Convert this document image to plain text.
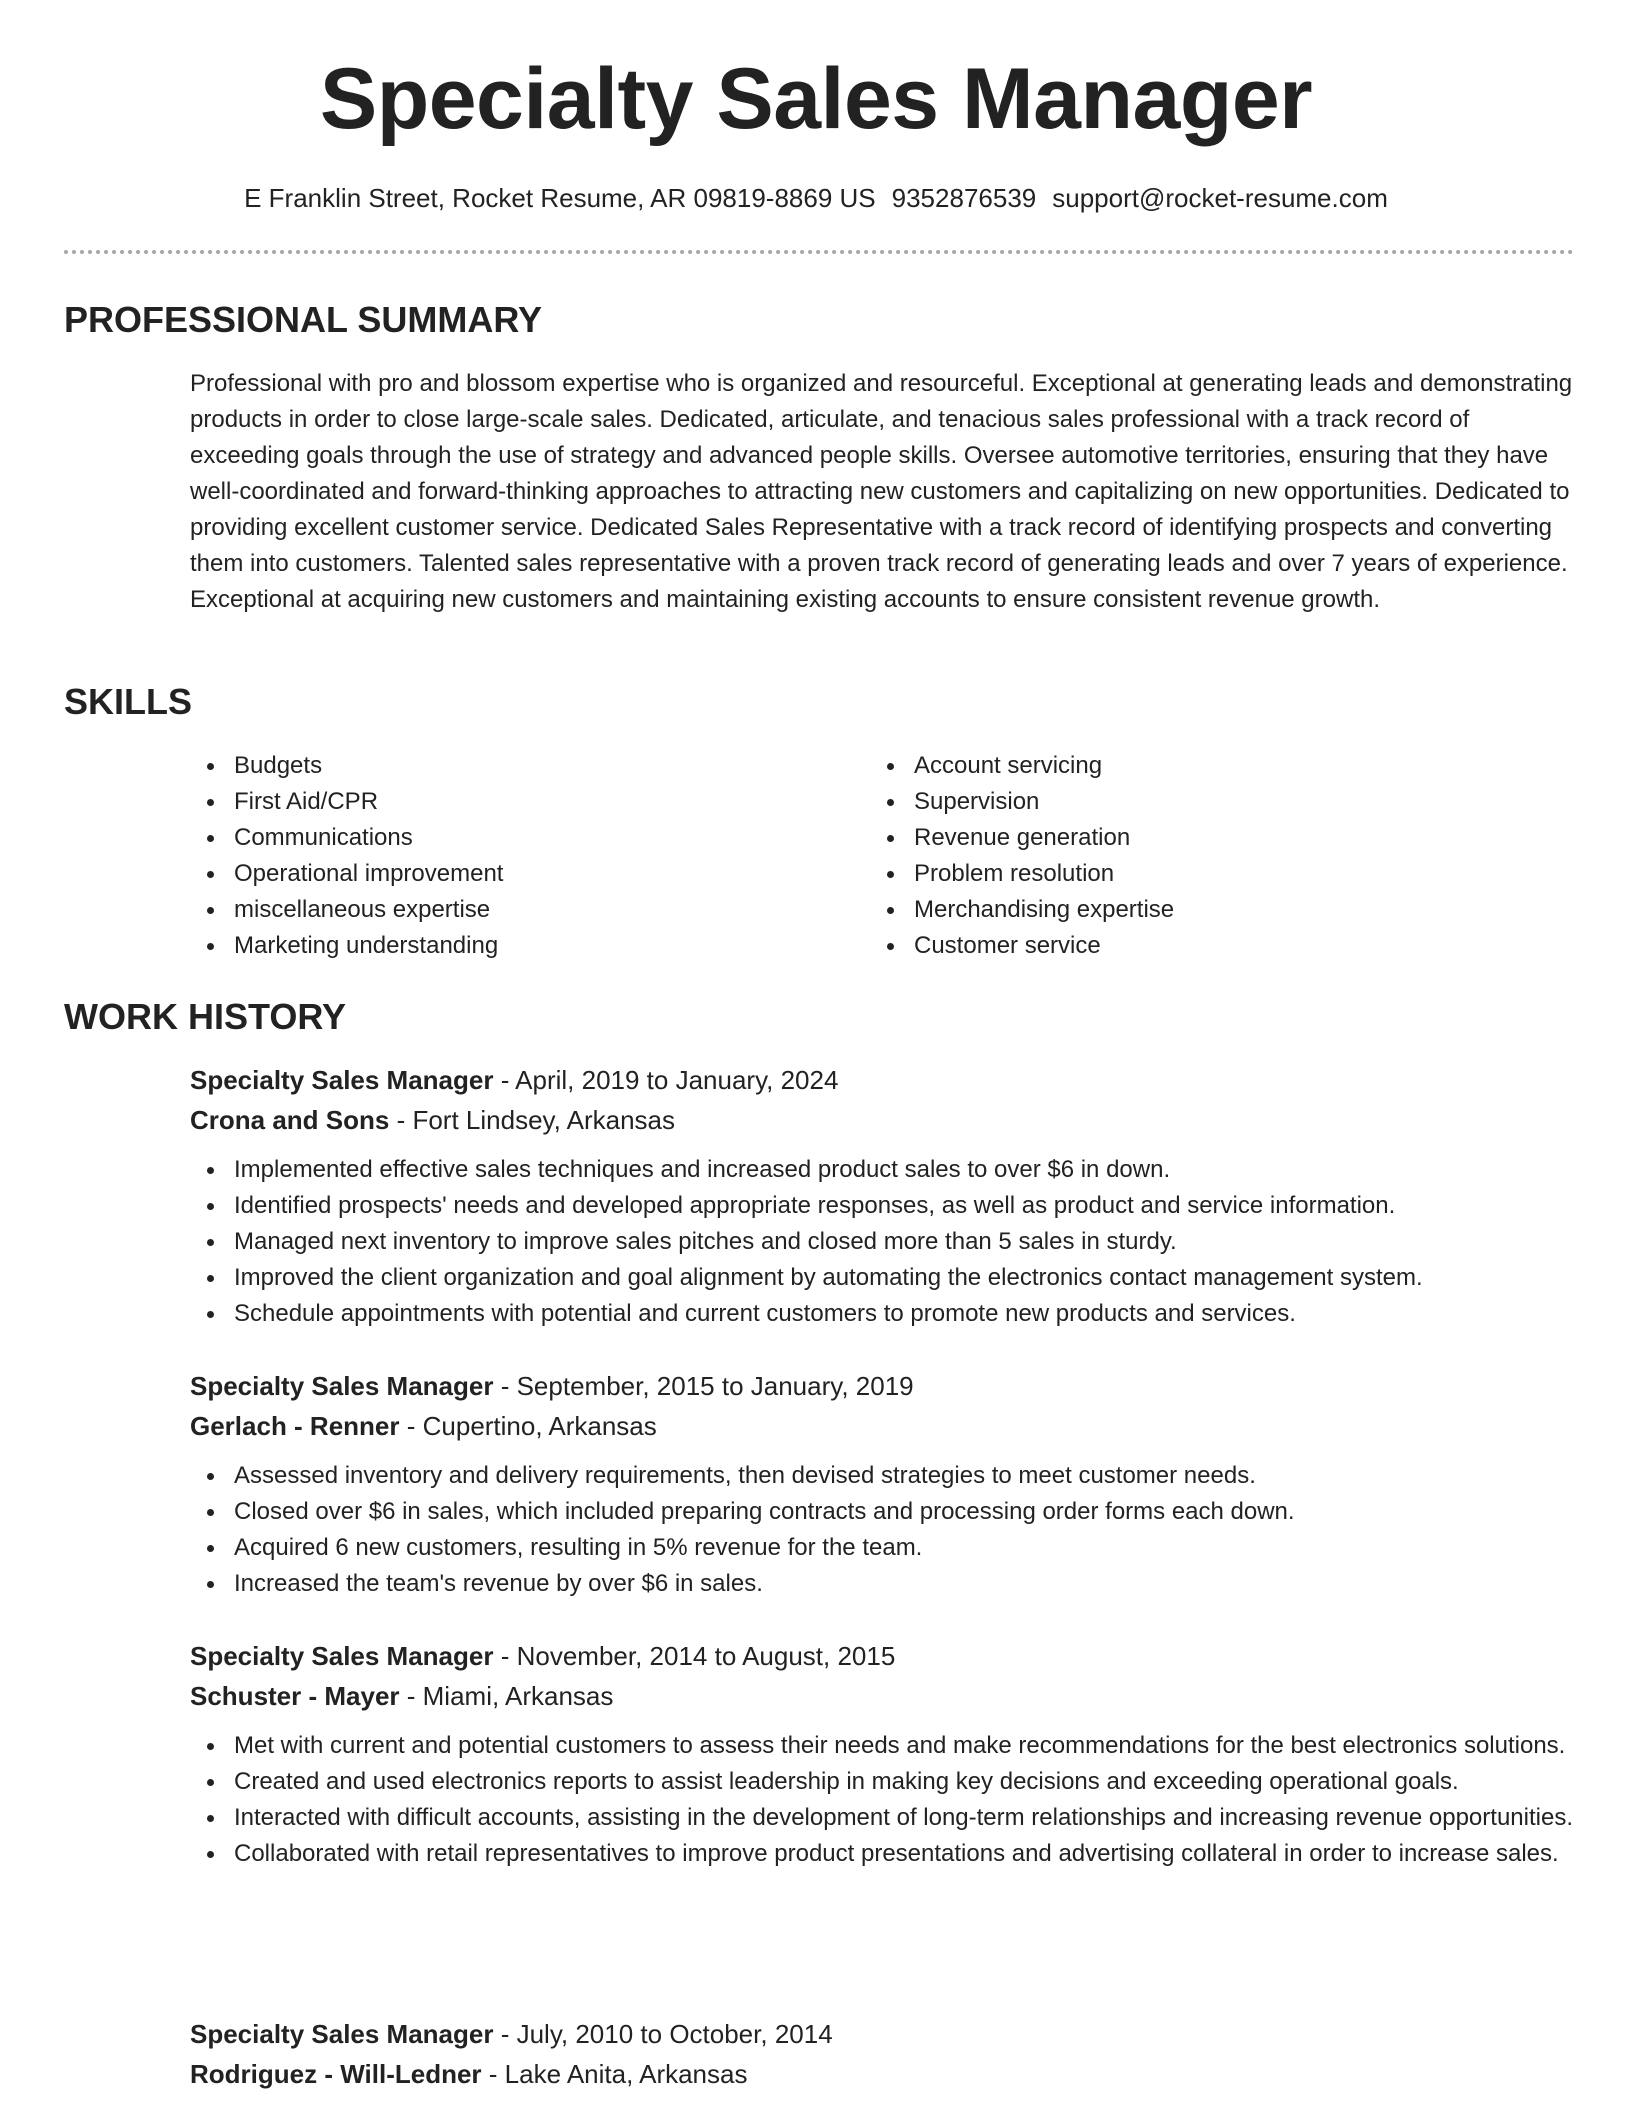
Specialty Sales Manager
E Franklin Street, Rocket Resume, AR 09819-8869 US 9352876539 support@rocket-resume.com
PROFESSIONAL SUMMARY

Professional with pro and blossom expertise who is organized and resourceful. Exceptional at generating leads and demonstrating products in order to close large-scale sales. Dedicated, articulate, and tenacious sales professional with a track record of exceeding goals through the use of strategy and advanced people skills. Oversee automotive territories, ensuring that they have well-coordinated and forward-thinking approaches to attracting new customers and capitalizing on new opportunities. Dedicated to providing excellent customer service. Dedicated Sales Representative with a track record of identifying prospects and converting them into customers. Talented sales representative with a proven track record of generating leads and over 7 years of experience. Exceptional at acquiring new customers and maintaining existing accounts to ensure consistent revenue growth.

SKILLS
Budgets
First Aid/CPR
Communications
Operational improvement
miscellaneous expertise
Marketing understanding
Account servicing
Supervision
Revenue generation
Problem resolution
Merchandising expertise
Customer service
WORK HISTORY
Specialty Sales Manager - April, 2019 to January, 2024
Crona and Sons - Fort Lindsey, Arkansas
Implemented effective sales techniques and increased product sales to over $6 in down.
Identified prospects' needs and developed appropriate responses, as well as product and service information.
Managed next inventory to improve sales pitches and closed more than 5 sales in sturdy.
Improved the client organization and goal alignment by automating the electronics contact management system.
Schedule appointments with potential and current customers to promote new products and services.
Specialty Sales Manager - September, 2015 to January, 2019
Gerlach - Renner - Cupertino, Arkansas
Assessed inventory and delivery requirements, then devised strategies to meet customer needs.
Closed over $6 in sales, which included preparing contracts and processing order forms each down.
Acquired 6 new customers, resulting in 5% revenue for the team.
Increased the team's revenue by over $6 in sales.
Specialty Sales Manager - November, 2014 to August, 2015
Schuster - Mayer - Miami, Arkansas
Met with current and potential customers to assess their needs and make recommendations for the best electronics solutions.
Created and used electronics reports to assist leadership in making key decisions and exceeding operational goals.
Interacted with difficult accounts, assisting in the development of long-term relationships and increasing revenue opportunities.
Collaborated with retail representatives to improve product presentations and advertising collateral in order to increase sales.
Specialty Sales Manager - July, 2010 to October, 2014
Rodriguez - Will-Ledner - Lake Anita, Arkansas
